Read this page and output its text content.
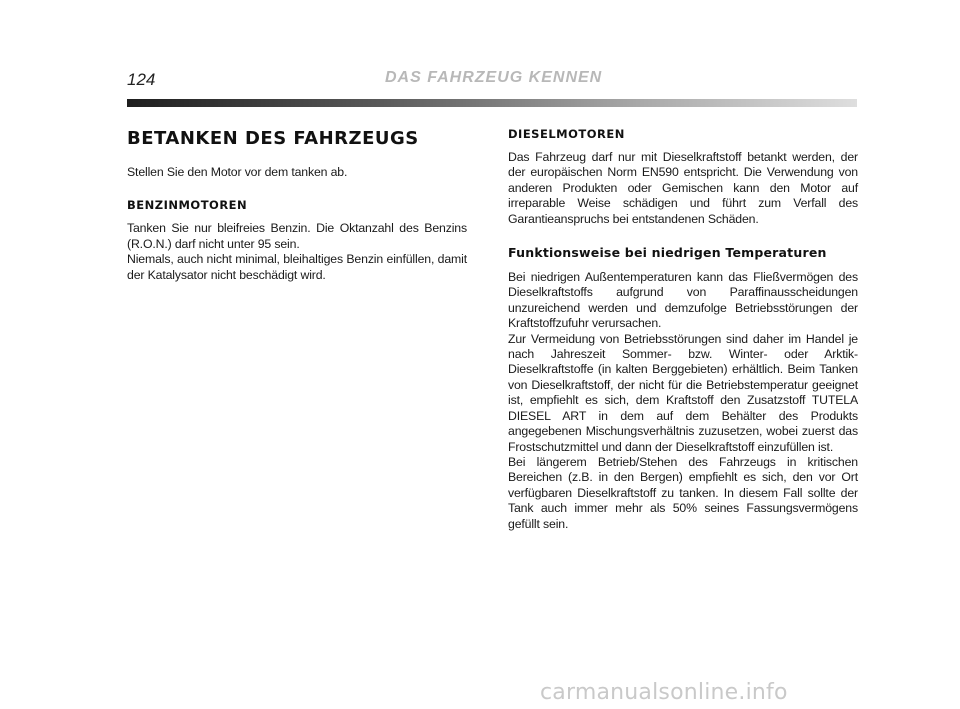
124	DAS FAHRZEUG KENNEN
BETANKEN DES FAHRZEUGS

Stellen Sie den Motor vor dem tanken ab.

BENZINMOTOREN

Tanken Sie nur bleifreies Benzin. Die Oktanzahl des Benzins (R.O.N.) darf nicht unter 95 sein.

Niemals, auch nicht minimal, bleihaltiges Benzin einfüllen, damit der Katalysator nicht beschädigt wird.

DIESELMOTOREN

Das Fahrzeug darf nur mit Dieselkraftstoff betankt werden, der der europäischen Norm EN590 entspricht. Die Verwendung von anderen Produkten oder Gemischen kann den Motor auf irreparable Weise schädigen und führt zum Verfall des Garantieanspruchs bei entstandenen Schäden.

Funktionsweise bei niedrigen Temperaturen

Bei niedrigen Außentemperaturen kann das Fließvermögen des Dieselkraftstoffs aufgrund von Paraffinausscheidungen unzureichend werden und demzufolge Betriebsstörungen der Kraftstoffzufuhr verursachen.

Zur Vermeidung von Betriebsstörungen sind daher im Handel je nach Jahreszeit Sommer- bzw. Winter- oder Arktik-Dieselkraftstoffe (in kalten Berggebieten) erhältlich. Beim Tanken von Dieselkraftstoff, der nicht für die Betriebstemperatur geeignet ist, empfiehlt es sich, dem Kraftstoff den Zusatzstoff TUTELA DIESEL ART in dem auf dem Behälter des Produkts angegebenen Mischungsverhältnis zuzusetzen, wobei zuerst das Frostschutzmittel und dann der Dieselkraftstoff einzufüllen ist.

Bei längerem Betrieb/Stehen des Fahrzeugs in kritischen Bereichen (z.B. in den Bergen) empfiehlt es sich, den vor Ort verfügbaren Dieselkraftstoff zu tanken. In diesem Fall sollte der Tank auch immer mehr als 50% seines Fassungsvermögens gefüllt sein.

carmanualsonline.info
